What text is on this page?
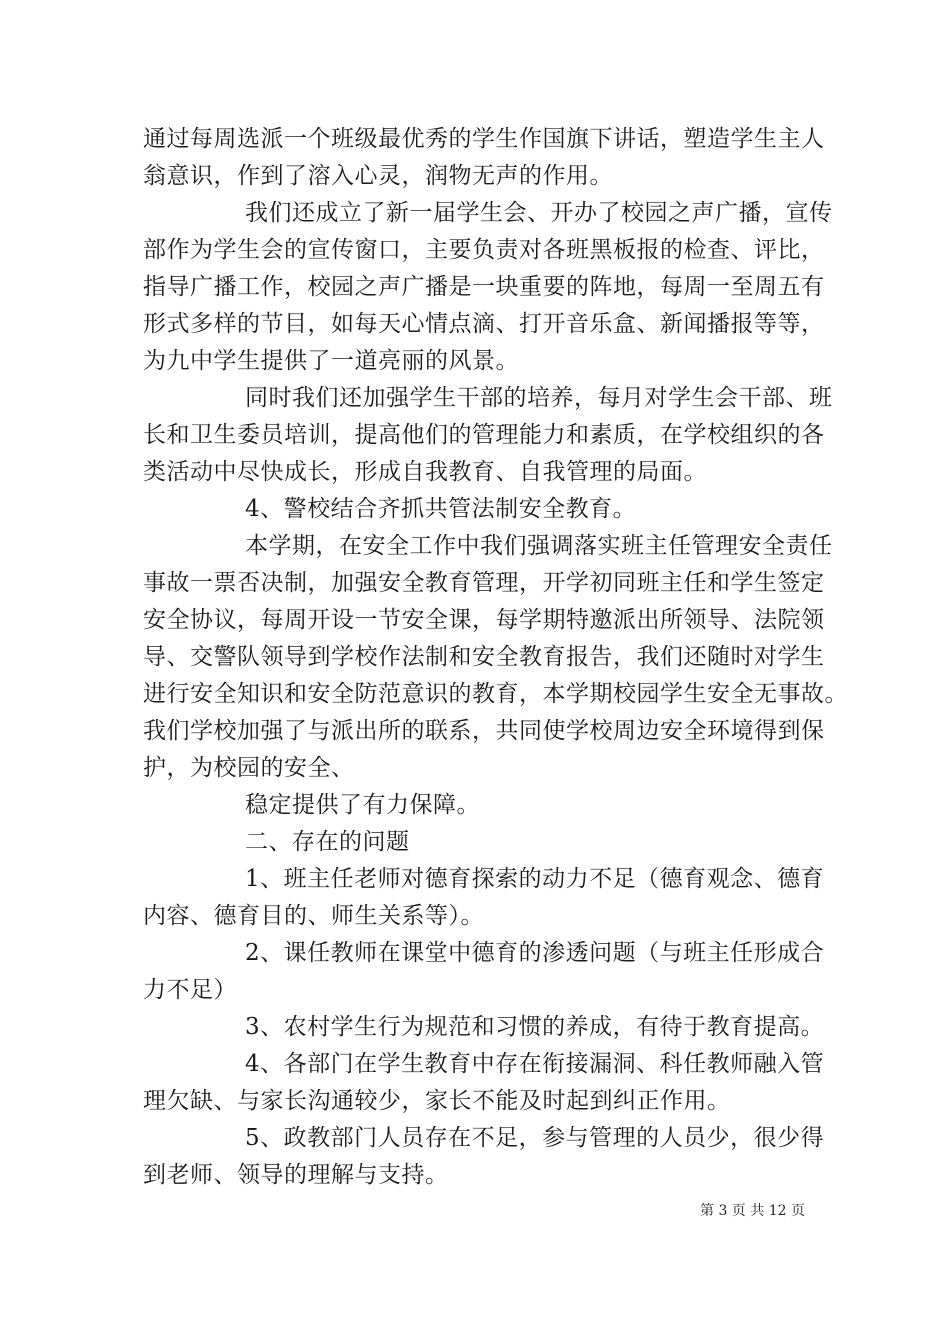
通过每周选派一个班级最优秀的学生作国旗下讲话，塑造学生主人
翁意识，作到了溶入心灵，润物无声的作用。
我们还成立了新一届学生会、开办了校园之声广播，宣传
部作为学生会的宣传窗口，主要负责对各班黑板报的检查、评比，
指导广播工作，校园之声广播是一块重要的阵地，每周一至周五有
形式多样的节目，如每天心情点滴、打开音乐盒、新闻播报等等，
为九中学生提供了一道亮丽的风景。
同时我们还加强学生干部的培养，每月对学生会干部、班
长和卫生委员培训，提高他们的管理能力和素质，在学校组织的各
类活动中尽快成长，形成自我教育、自我管理的局面。
4、警校结合齐抓共管法制安全教育。
本学期，在安全工作中我们强调落实班主任管理安全责任
事故一票否决制，加强安全教育管理，开学初同班主任和学生签定
安全协议，每周开设一节安全课，每学期特邀派出所领导、法院领
导、交警队领导到学校作法制和安全教育报告，我们还随时对学生
进行安全知识和安全防范意识的教育，本学期校园学生安全无事故。
我们学校加强了与派出所的联系，共同使学校周边安全环境得到保
护，为校园的安全、
稳定提供了有力保障。
二、存在的问题
1、班主任老师对德育探索的动力不足（德育观念、德育
内容、德育目的、师生关系等）。
2、课任教师在课堂中德育的渗透问题（与班主任形成合
力不足）
3、农村学生行为规范和习惯的养成，有待于教育提高。
4、各部门在学生教育中存在衔接漏洞、科任教师融入管
理欠缺、与家长沟通较少，家长不能及时起到纠正作用。
5、政教部门人员存在不足，参与管理的人员少，很少得
到老师、领导的理解与支持。
第 3 页 共 12 页
